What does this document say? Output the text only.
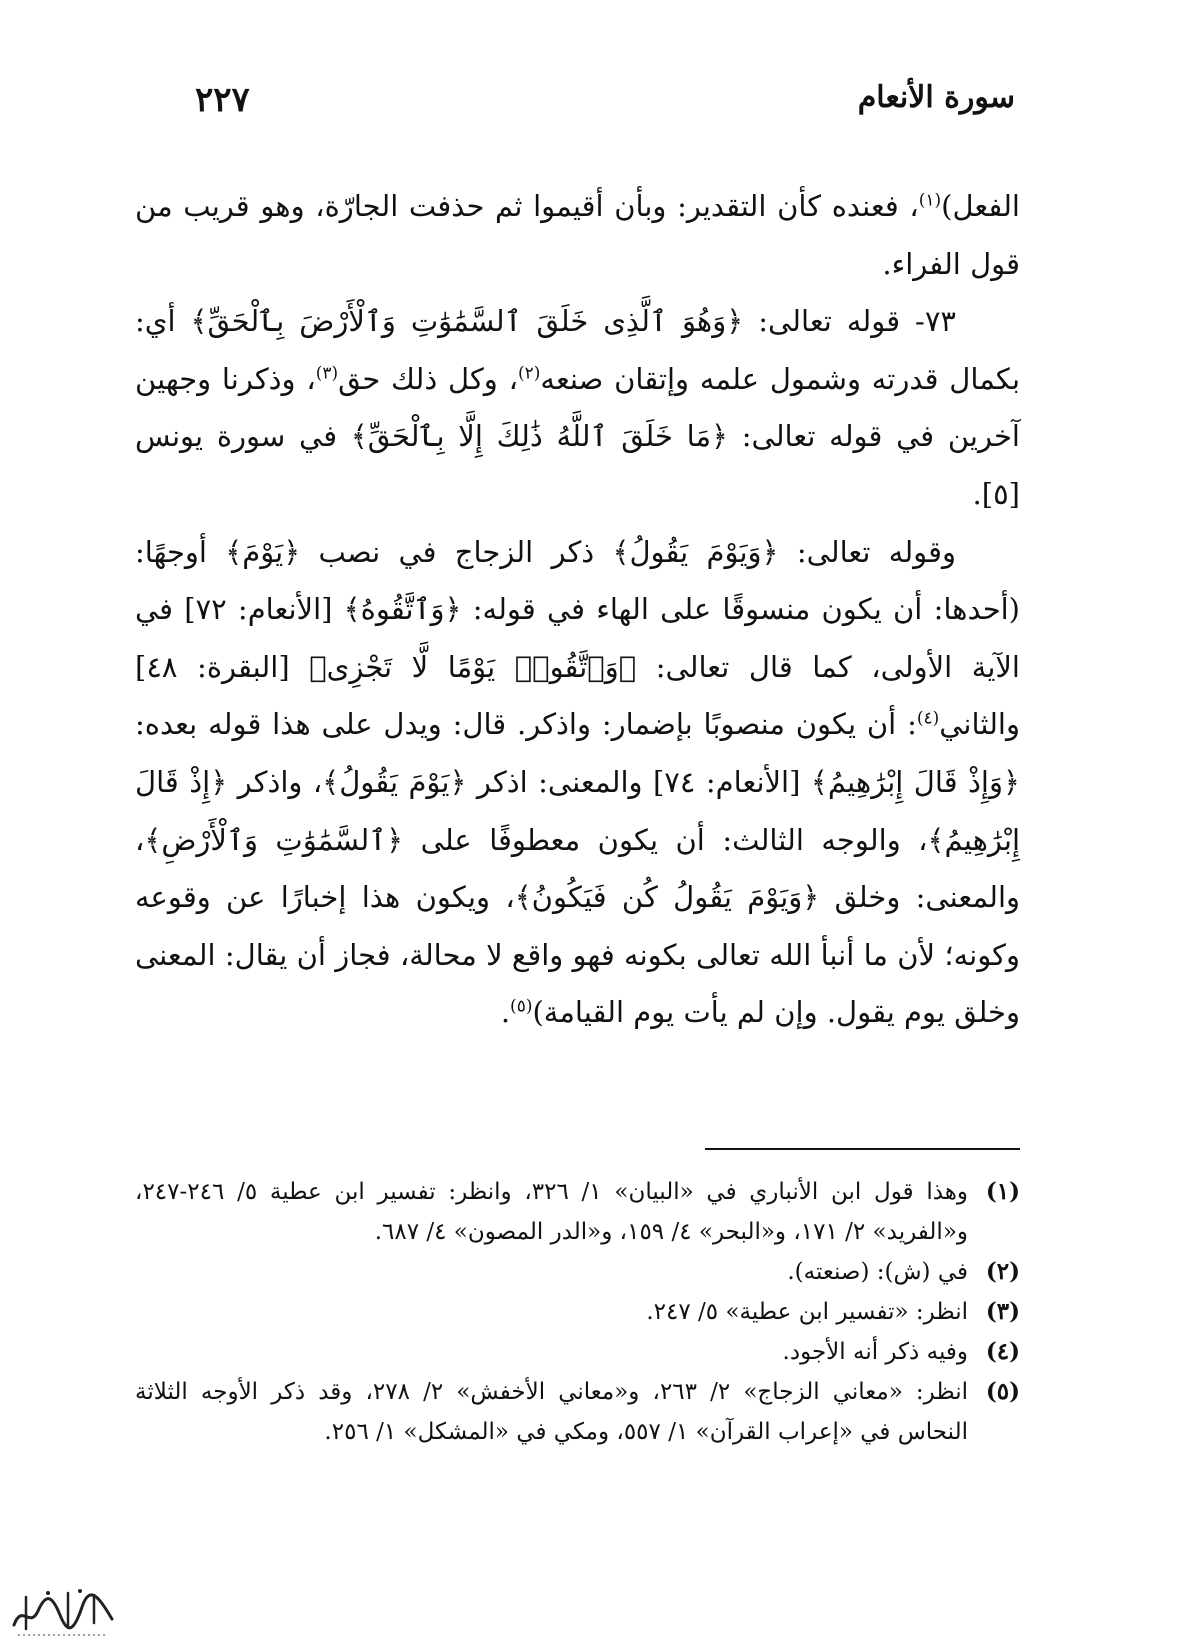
سورة الأنعام
٢٢٧

الفعل)$^{(١)}$، فعنده كأن التقدير: وبأن أقيموا ثم حذفت الجارّة، وهو قريب من قول الفراء.

٧٣- قوله تعالى: ﴿وَهُوَ ٱلَّذِى خَلَقَ ٱلسَّمَٰوَٰتِ وَٱلْأَرْضَ بِٱلْحَقِّ﴾ أي: بكمال قدرته وشمول علمه وإتقان صنعه$^{(٢)}$، وكل ذلك حق$^{(٣)}$، وذكرنا وجهين آخرين في قوله تعالى: ﴿مَا خَلَقَ ٱللَّهُ ذَٰلِكَ إِلَّا بِٱلْحَقِّ﴾ في سورة يونس [٥].

وقوله تعالى: ﴿وَيَوْمَ يَقُولُ﴾ ذكر الزجاج في نصب ﴿يَوْمَ﴾ أوجهًا: (أحدها: أن يكون منسوقًا على الهاء في قوله: ﴿وَٱتَّقُوهُ﴾ [الأنعام: ٧٢] في الآية الأولى، كما قال تعالى: ﴿وَٱتَّقُوا۟ يَوْمًا لَّا تَجْزِى﴾ [البقرة: ٤٨] والثاني$^{(٤)}$: أن يكون منصوبًا بإضمار: واذكر. قال: ويدل على هذا قوله بعده: ﴿وَإِذْ قَالَ إِبْرَٰهِيمُ﴾ [الأنعام: ٧٤] والمعنى: اذكر ﴿يَوْمَ يَقُولُ﴾، واذكر ﴿إِذْ قَالَ إِبْرَٰهِيمُ﴾، والوجه الثالث: أن يكون معطوفًا على ﴿ٱلسَّمَٰوَٰتِ وَٱلْأَرْضِ﴾، والمعنى: وخلق ﴿وَيَوْمَ يَقُولُ كُن فَيَكُونُ﴾، ويكون هذا إخبارًا عن وقوعه وكونه؛ لأن ما أنبأ الله تعالى بكونه فهو واقع لا محالة، فجاز أن يقال: المعنى وخلق يوم يقول. وإن لم يأت يوم القيامة)$^{(٥)}$.

(١)
وهذا قول ابن الأنباري في «البيان» ١/ ٣٢٦، وانظر: تفسير ابن عطية ٥/ ٢٤٦-٢٤٧، و«الفريد» ٢/ ١٧١، و«البحر» ٤/ ١٥٩، و«الدر المصون» ٤/ ٦٨٧.
(٢)
في (ش): (صنعته).
(٣)
انظر: «تفسير ابن عطية» ٥/ ٢٤٧.
(٤)
وفيه ذكر أنه الأجود.
(٥)
انظر: «معاني الزجاج» ٢/ ٢٦٣، و«معاني الأخفش» ٢/ ٢٧٨، وقد ذكر الأوجه الثلاثة النحاس في «إعراب القرآن» ١/ ٥٥٧، ومكي في «المشكل» ١/ ٢٥٦.
